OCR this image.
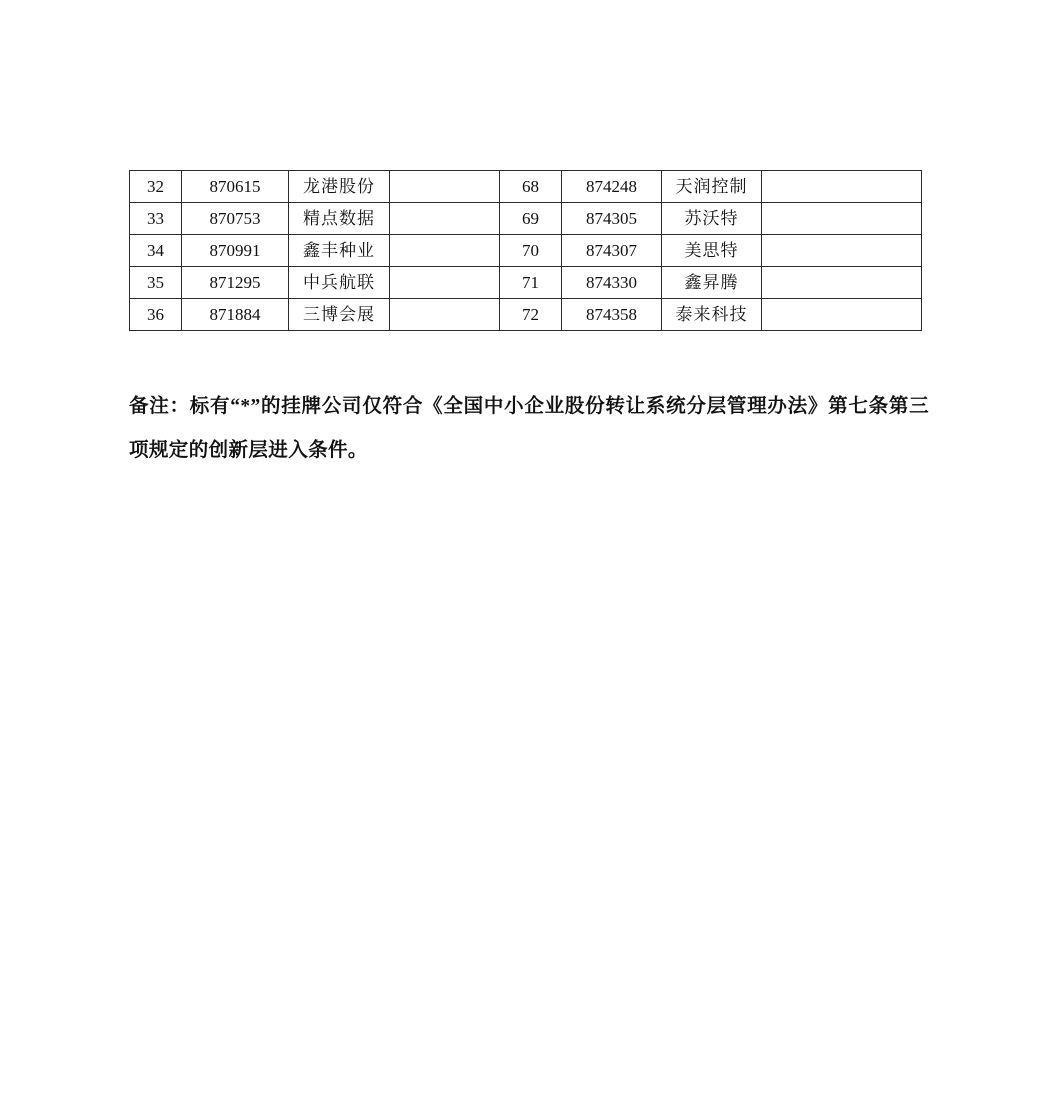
32	870615	龙港股份		68	874248	天润控制	
33	870753	精点数据		69	874305	苏沃特	
34	870991	鑫丰种业		70	874307	美思特	
35	871295	中兵航联		71	874330	鑫昇腾	
36	871884	三博会展		72	874358	泰来科技	
备注：标有“*”的挂牌公司仅符合《全国中小企业股份转让系统分层管理办法》第七条第三项规定的创新层进入条件。
